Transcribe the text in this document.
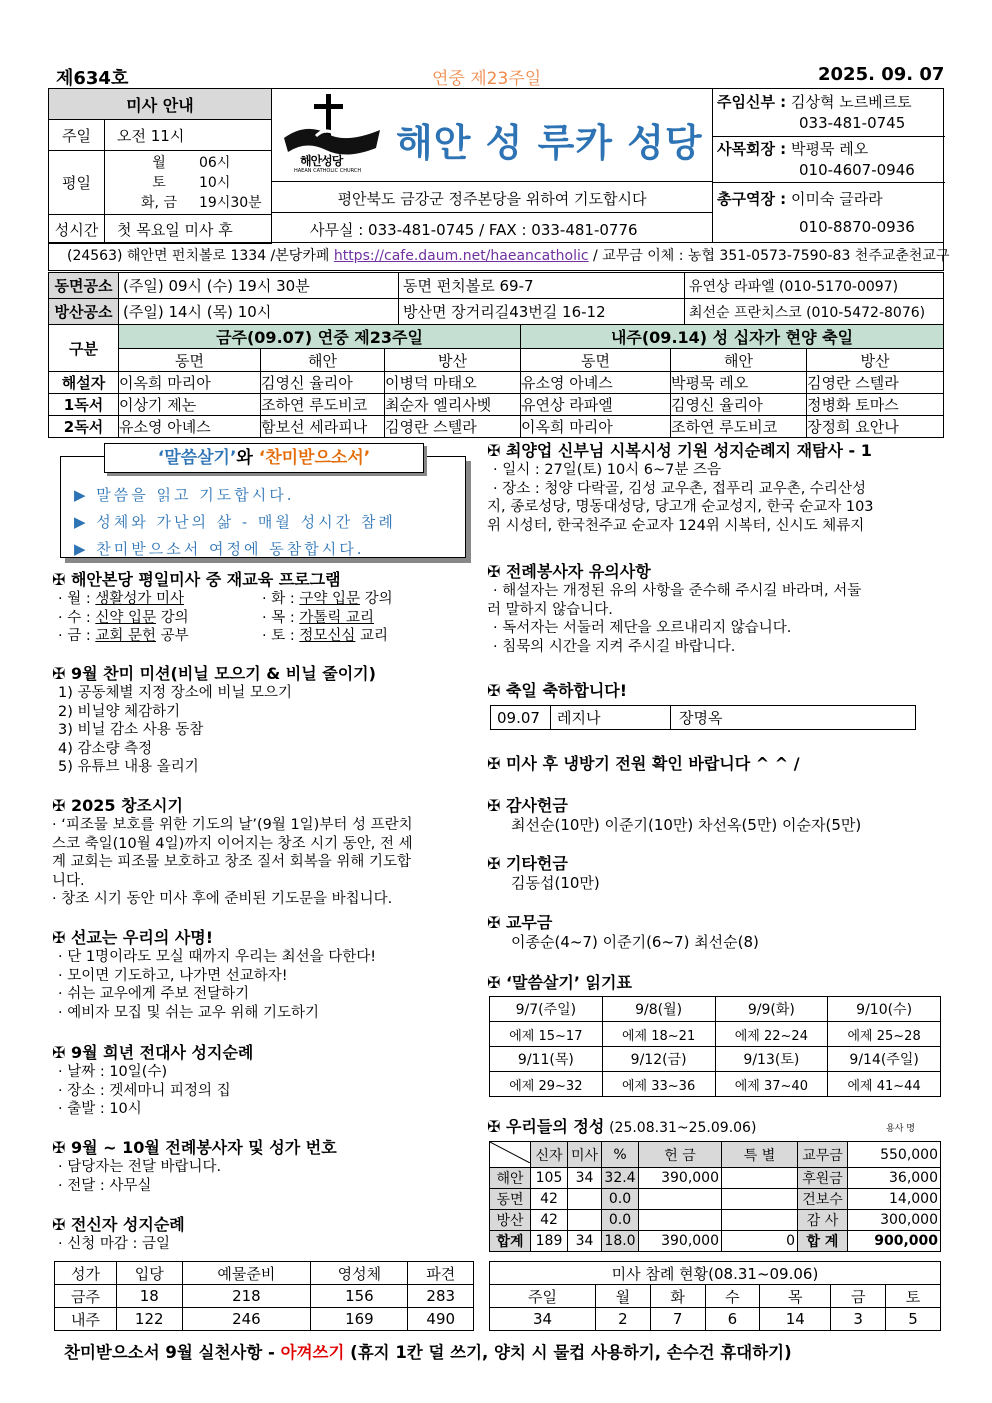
제634호	연중 제23주일	2025. 09. 07
미사 안내	
주일	오전 11시
평일	월 06시
토 10시
화, 금 19시30분

성시간	첫 목요일 미사 후
해안성당
HAEAN CATHOLIC CHURCH
해안 성 루카 성당
평안북도 금강군 정주본당을 위하여 기도합시다
사무실 : 033-481-0745 / FAX : 033-481-0776
주임신부 : 김상혁 노르베르토
033-481-0745
사목회장 : 박평묵 레오
010-4607-0946
총구역장 : 이미숙 글라라
010-8870-0936
(24563) 해안면 펀치볼로 1334 /본당카페 https://cafe.daum.net/haeancatholic / 교무금 이체 : 농협 351-0573-7590-83 천주교춘천교구
동면공소	(주일) 09시 (수) 19시 30분	동면 펀치볼로 69-7	유연상 라파엘 (010-5170-0097)
방산공소	(주일) 14시 (목) 10시	방산면 장거리길43번길 16-12	최선순 프란치스코 (010-5472-8076)
구분	금주(09.07) 연중 제23주일			내주(09.14) 성 십자가 현양 축일		
	동면	해안	방산	동면	해안	방산
해설자	이옥희 마리아	김영신 율리아	이병덕 마태오	유소영 아녜스	박평묵 레오	김영란 스텔라
1독서	이상기 제논	조하연 루도비코	최순자 엘리사벳	유연상 라파엘	김영신 율리아	정병화 토마스
2독서	유소영 아녜스	함보선 세라피나	김영란 스텔라	이옥희 마리아	조하연 루도비코	장정희 요안나
‘말씀살기’와 ‘찬미받으소서’
▶ 말씀을 읽고 기도합시다.
▶ 성체와 가난의 삶 - 매월 성시간 참례
▶ 찬미받으소서 여정에 동참합시다.
✠ 해안본당 평일미사 중 재교육 프로그램
· 월 : 생활성가 미사	· 화 : 구약 입문 강의
· 수 : 신약 입문 강의	· 목 : 가톨릭 교리
· 금 : 교회 문헌 공부	· 토 : 정모신심 교리
✠ 9월 찬미 미션(비닐 모으기 & 비닐 줄이기)
1) 공동체별 지정 장소에 비닐 모으기
2) 비닐양 체감하기
3) 비닐 감소 사용 동참
4) 감소량 측정
5) 유튜브 내용 올리기
✠ 2025 창조시기
· ‘피조물 보호를 위한 기도의 날’(9월 1일)부터 성 프란치
스코 축일(10월 4일)까지 이어지는 창조 시기 동안, 전 세
계 교회는 피조물 보호하고 창조 질서 회복을 위해 기도합
니다.
· 창조 시기 동안 미사 후에 준비된 기도문을 바칩니다.
✠ 선교는 우리의 사명!
· 단 1명이라도 모실 때까지 우리는 최선을 다한다!
· 모이면 기도하고, 나가면 선교하자!
· 쉬는 교우에게 주보 전달하기
· 예비자 모집 및 쉬는 교우 위해 기도하기
✠ 9월 희년 전대사 성지순례
· 날짜 : 10일(수)
· 장소 : 겟세마니 피정의 집
· 출발 : 10시
✠ 9월 ~ 10월 전례봉사자 및 성가 번호
· 담당자는 전달 바랍니다.
· 전달 : 사무실
✠ 전신자 성지순례
· 신청 마감 : 금일
✠ 최양업 신부님 시복시성 기원 성지순례지 재탐사 - 1
· 일시 : 27일(토) 10시 6~7분 즈음
· 장소 : 청양 다락골, 김성 교우촌, 접푸리 교우촌, 수리산성
지, 종로성당, 명동대성당, 당고개 순교성지, 한국 순교자 103
위 시성터, 한국천주교 순교자 124위 시복터, 신시도 체류지
✠ 전례봉사자 유의사항
· 해설자는 개정된 유의 사항을 준수해 주시길 바라며, 서둘
러 말하지 않습니다.
· 독서자는 서둘러 제단을 오르내리지 않습니다.
· 침묵의 시간을 지켜 주시길 바랍니다.
✠ 축일 축하합니다!
09.07	레지나	장명옥
✠ 미사 후 냉방기 전원 확인 바랍니다 ^ ^ /
✠ 감사헌금
최선순(10만) 이준기(10만) 차선옥(5만) 이순자(5만)
✠ 기타헌금
김동섭(10만)
✠ 교무금
이종순(4~7) 이준기(6~7) 최선순(8)
✠ ‘말씀살기’ 읽기표
9/7(주일)	9/8(월)	9/9(화)	9/10(수)
에제 15~17	에제 18~21	에제 22~24	에제 25~28
9/11(목)	9/12(금)	9/13(토)	9/14(주일)
에제 29~32	에제 33~36	에제 37~40	에제 41~44
✠ 우리들의 정성 (25.08.31~25.09.06)	용사 명
	신자	미사	%	헌 금	특 별	교무금	550,000
해안	105	34	32.4	390,000		후원금	36,000
동면	42		0.0			건보수	14,000
방산	42		0.0			감 사	300,000
합계	189	34	18.0	390,000	0	합 계	900,000
성가	입당	예물준비	영성체	파견
금주	18	218	156	283
내주	122	246	169	490
미사 참례 현황(08.31~09.06)						
주일	월	화	수	목	금	토
34	2	7	6	14	3	5
찬미받으소서 9월 실천사항 - 아껴쓰기 (휴지 1칸 덜 쓰기, 양치 시 물컵 사용하기, 손수건 휴대하기)
